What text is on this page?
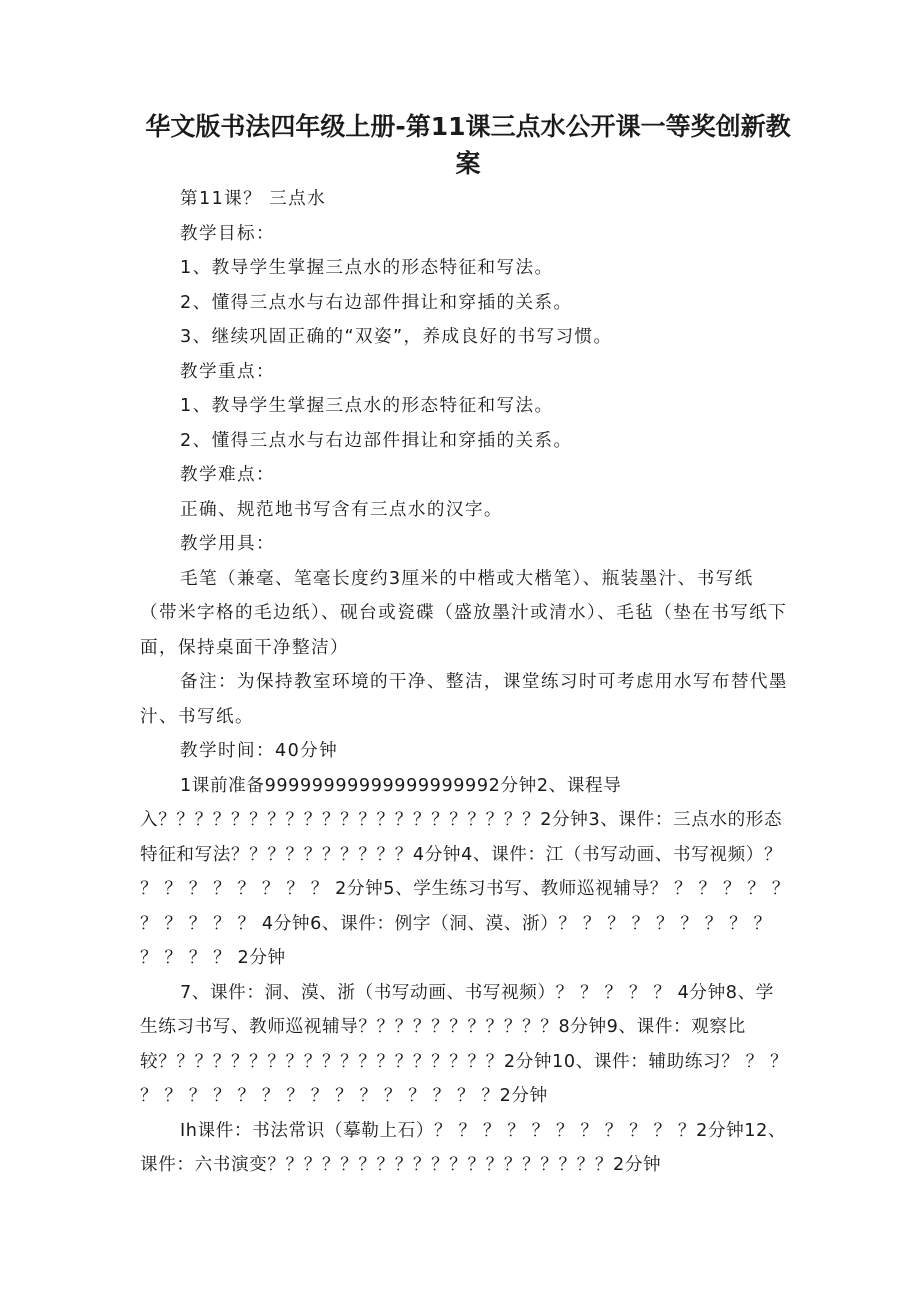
华文版书法四年级上册-第11课三点水公开课一等奖创新教案

第11课？ 三点水

教学目标：

1、教导学生掌握三点水的形态特征和写法。

2、懂得三点水与右边部件揖让和穿插的关系。

3、继续巩固正确的“双姿”，养成良好的书写习惯。

教学重点：

1、教导学生掌握三点水的形态特征和写法。

2、懂得三点水与右边部件揖让和穿插的关系。

教学难点：

正确、规范地书写含有三点水的汉字。

教学用具：

毛笔（兼毫、笔毫长度约3厘米的中楷或大楷笔）、瓶装墨汁、书写纸（带米字格的毛边纸）、砚台或瓷碟（盛放墨汁或清水）、毛毡（垫在书写纸下面，保持桌面干净整洁）

备注：为保持教室环境的干净、整洁，课堂练习时可考虑用水写布替代墨汁、书写纸。

教学时间：40分钟

1课前准备99999999999999999992分钟2、课程导入？？？？？？？？？？？？？？？？？？？？？2分钟3、课件：三点水的形态特征和写法？？？？？？？？？？4分钟4、课件：江（书写动画、书写视频）？ ？ ？ ？ ？ ？ ？ ？ ？ 2分钟5、学生练习书写、教师巡视辅导？ ？ ？ ？ ？ ？ ？ ？ ？ ？ ？ 4分钟6、课件：例字（洞、漠、浙）？ ？ ？ ？ ？ ？ ？ ？ ？ ？ ？ ？ ？ 2分钟

7、课件：洞、漠、浙（书写动画、书写视频）？ ？ ？ ？ ？ 4分钟8、学生练习书写、教师巡视辅导？？？？？？？？？？？8分钟9、课件：观察比较？？？？？？？？？？？？？？？？？？？2分钟10、课件：辅助练习？ ？ ？ ？ ？ ？ ？ ？ ？ ？ ？ ？ ？ ？ ？ ？ ？ ？2分钟

Ih课件：书法常识（摹勒上石）？ ？ ？ ？ ？ ？ ？ ？ ？ ？ ？2分钟12、课件：六书演变？？？？？？？？？？？？？？？？？？？2分钟
